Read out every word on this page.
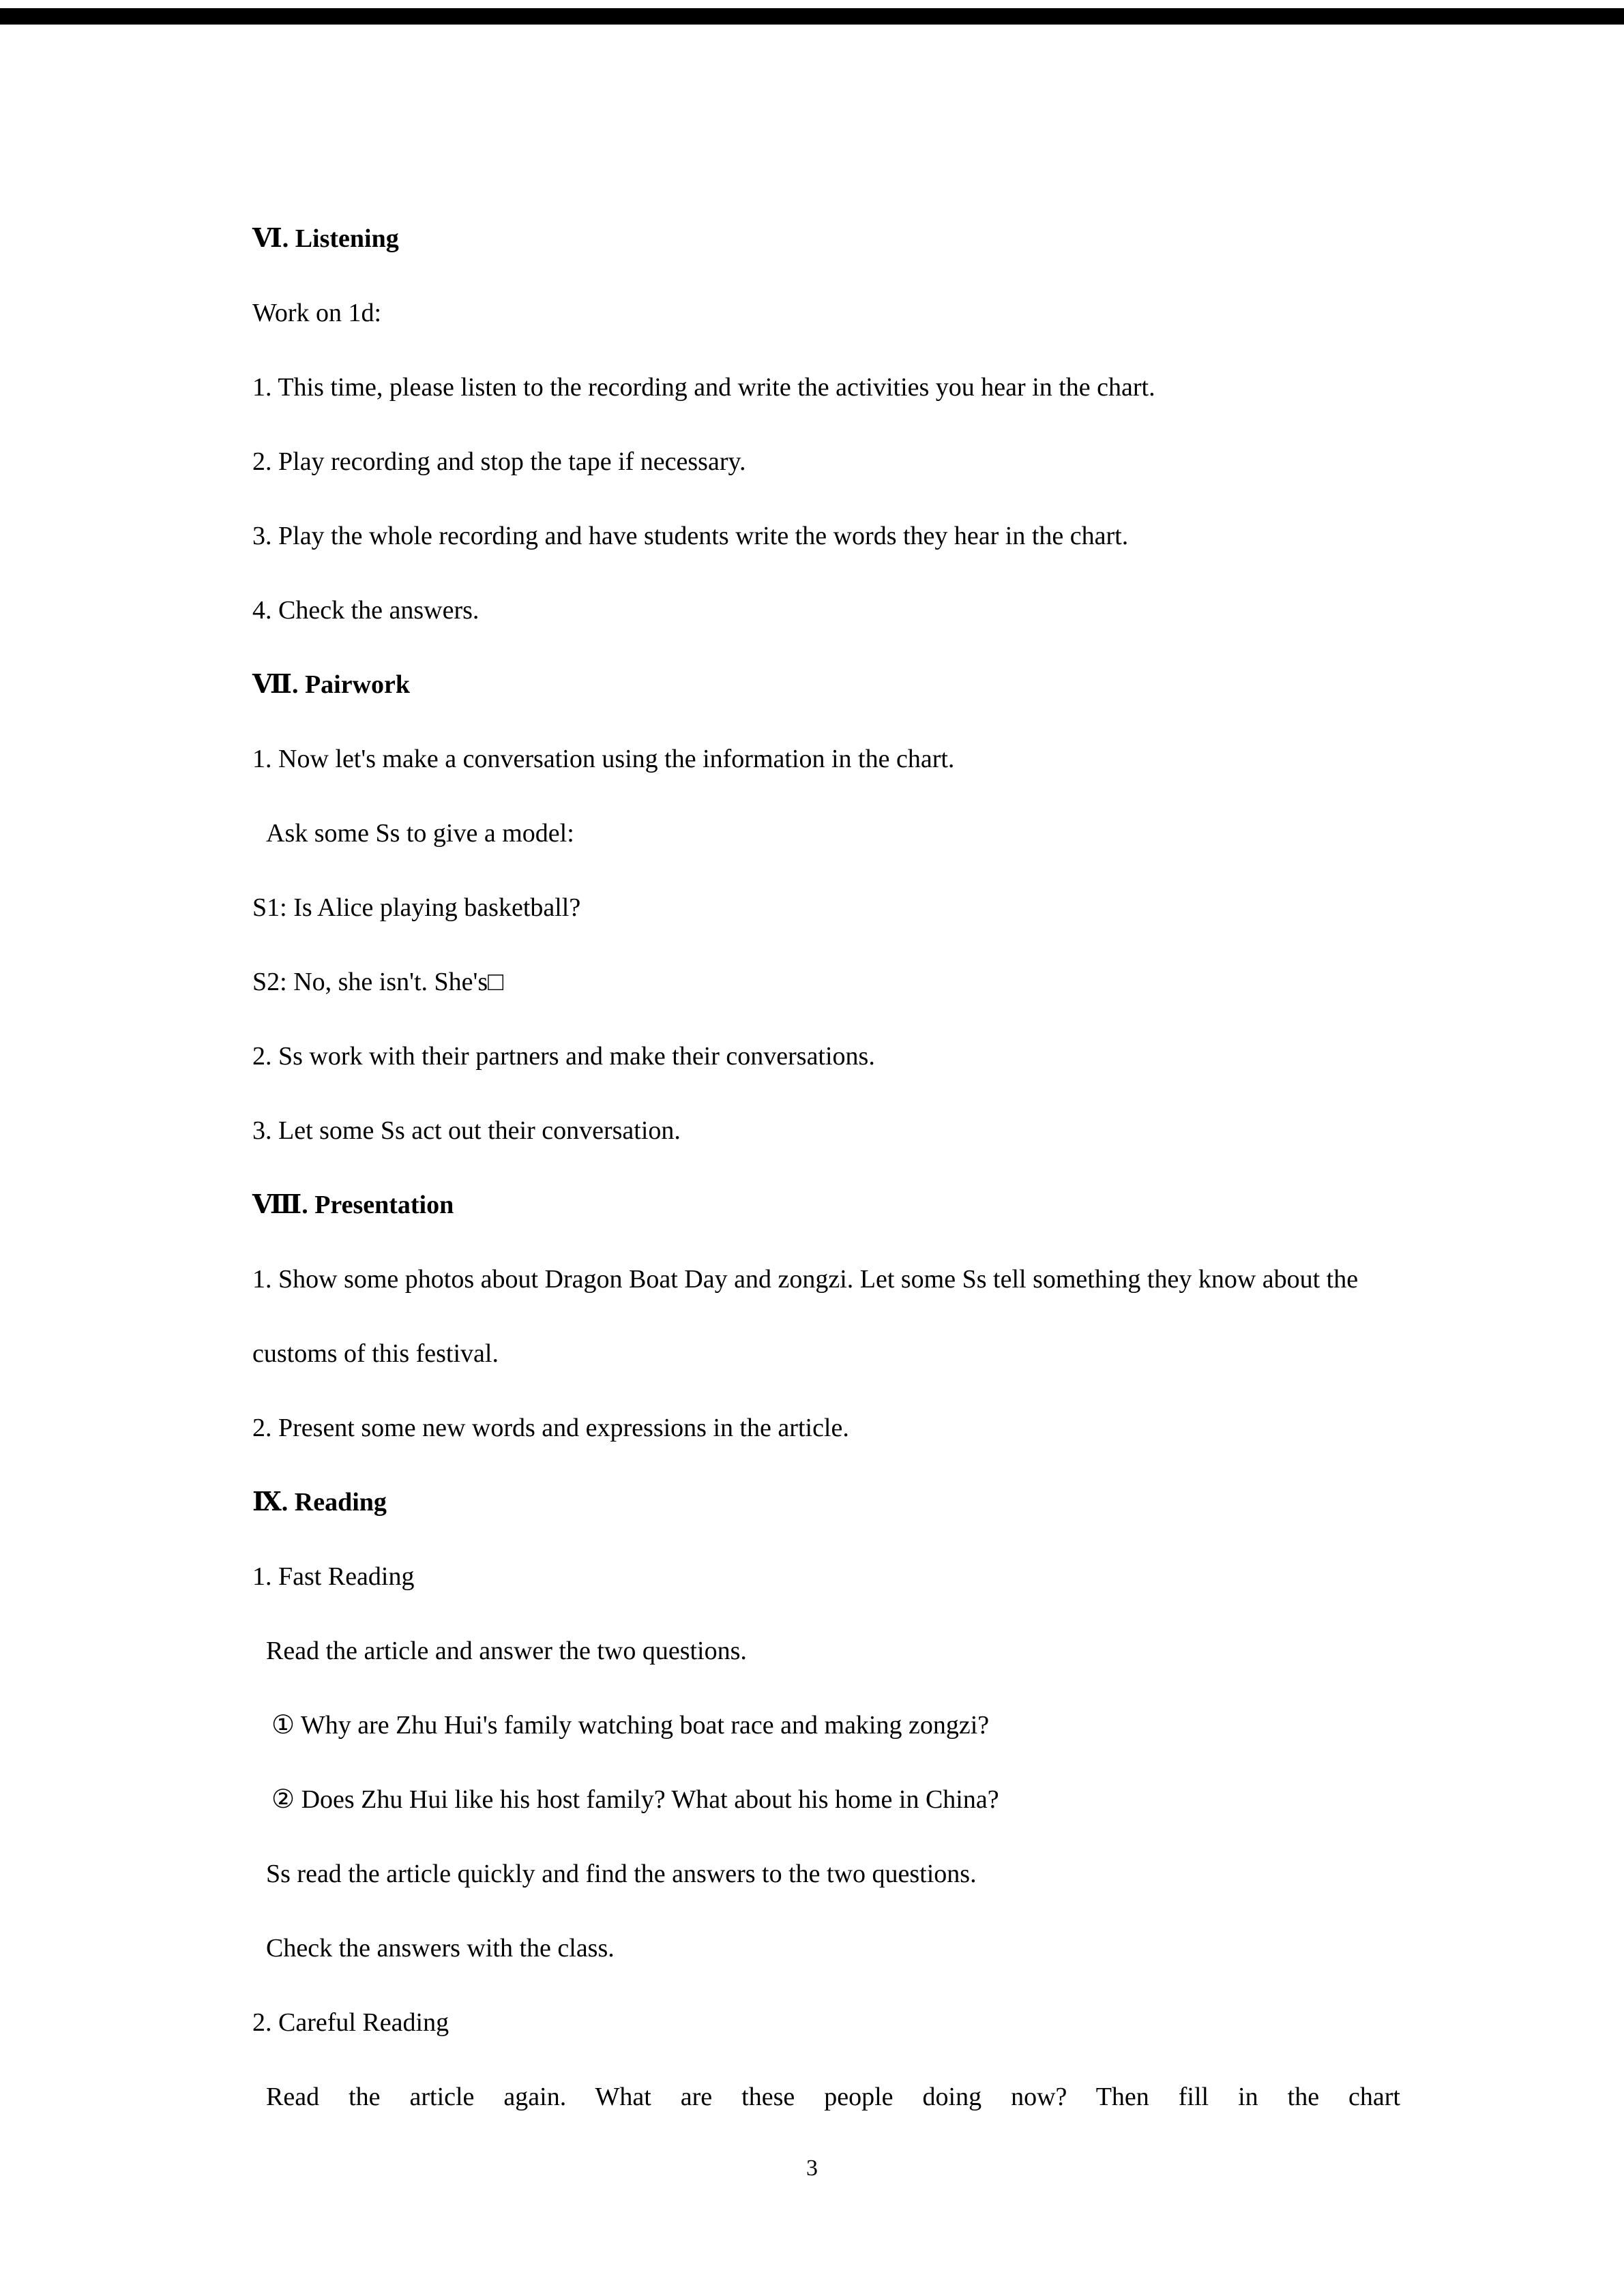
Ⅵ. Listening

Work on 1d:

1. This time, please listen to the recording and write the activities you hear in the chart.

2. Play recording and stop the tape if necessary.

3. Play the whole recording and have students write the words they hear in the chart.

4. Check the answers.

Ⅶ. Pairwork

1. Now let's make a conversation using the information in the chart.

Ask some Ss to give a model:

S1: Is Alice playing basketball?

S2: No, she isn't. She's□

2. Ss work with their partners and make their conversations.

3. Let some Ss act out their conversation.

Ⅷ. Presentation

1. Show some photos about Dragon Boat Day and zongzi. Let some Ss tell something they know about the customs of this festival.

2. Present some new words and expressions in the article.

Ⅸ. Reading

1. Fast Reading

Read the article and answer the two questions.

① Why are Zhu Hui's family watching boat race and making zongzi?

② Does Zhu Hui like his host family? What about his home in China?

Ss read the article quickly and find the answers to the two questions.

Check the answers with the class.

2. Careful Reading

Read the article again. What are these people doing now? Then fill in the chart

3
